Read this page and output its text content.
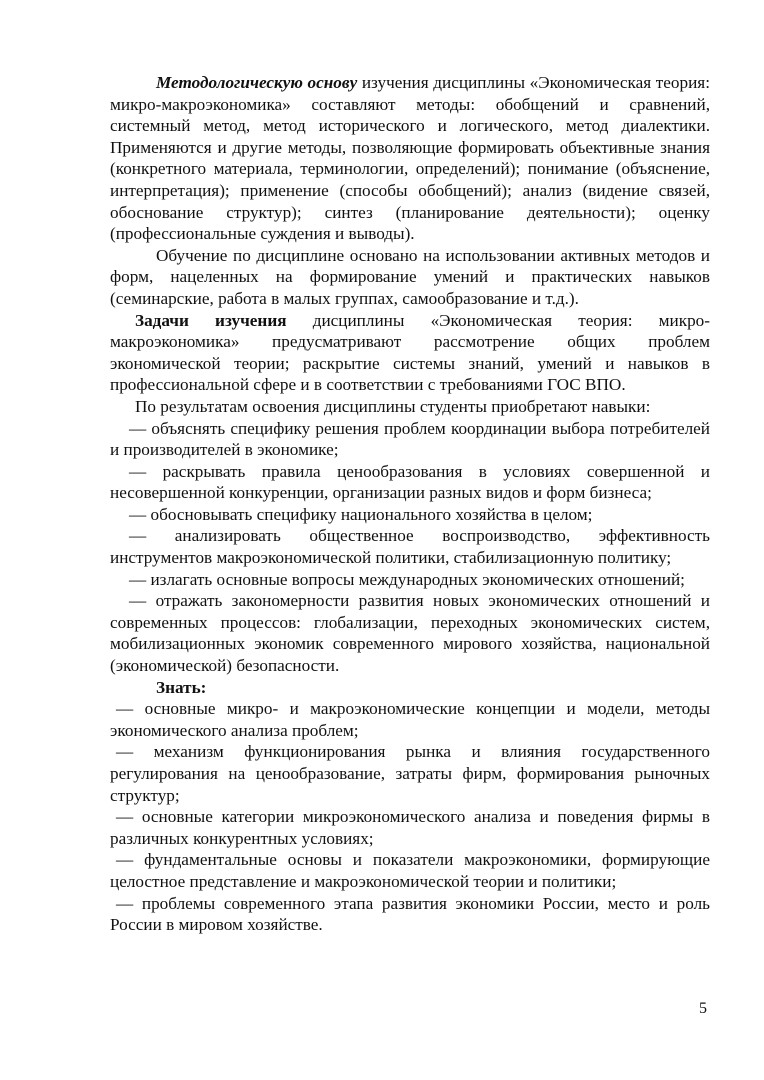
Методологическую основу изучения дисциплины «Экономическая теория: микро-макроэкономика» составляют методы: обобщений и сравнений, системный метод, метод исторического и логического, метод диалектики. Применяются и другие методы, позволяющие формировать объективные знания (конкретного материала, терминологии, определений); понимание (объяснение, интерпретация); применение (способы обобщений); анализ (видение связей, обоснование структур); синтез (планирование деятельности); оценку (профессиональные суждения и выводы).

Обучение по дисциплине основано на использовании активных методов и форм, нацеленных на формирование умений и практических навыков (семинарские, работа в малых группах, самообразование и т.д.).

Задачи изучения дисциплины «Экономическая теория: микро-макроэкономика» предусматривают рассмотрение общих проблем экономической теории; раскрытие системы знаний, умений и навыков в профессиональной сфере и в соответствии с требованиями ГОС ВПО.

По результатам освоения дисциплины студенты приобретают навыки:

— объяснять специфику решения проблем координации выбора потребителей и производителей в экономике;

— раскрывать правила ценообразования в условиях совершенной и несовершенной конкуренции, организации разных видов и форм бизнеса;

— обосновывать специфику национального хозяйства в целом;

— анализировать общественное воспроизводство, эффективность инструментов макроэкономической политики, стабилизационную политику;

— излагать основные вопросы международных экономических отношений;

— отражать закономерности развития новых экономических отношений и современных процессов: глобализации, переходных экономических систем, мобилизационных экономик современного мирового хозяйства, национальной (экономической) безопасности.

Знать:

— основные микро- и макроэкономические концепции и модели, методы экономического анализа проблем;

— механизм функционирования рынка и влияния государственного регулирования на ценообразование, затраты фирм, формирования рыночных структур;

— основные категории микроэкономического анализа и поведения фирмы в различных конкурентных условиях;

— фундаментальные основы и показатели макроэкономики, формирующие целостное представление и макроэкономической теории и политики;

— проблемы современного этапа развития экономики России, место и роль России в мировом хозяйстве.

5
